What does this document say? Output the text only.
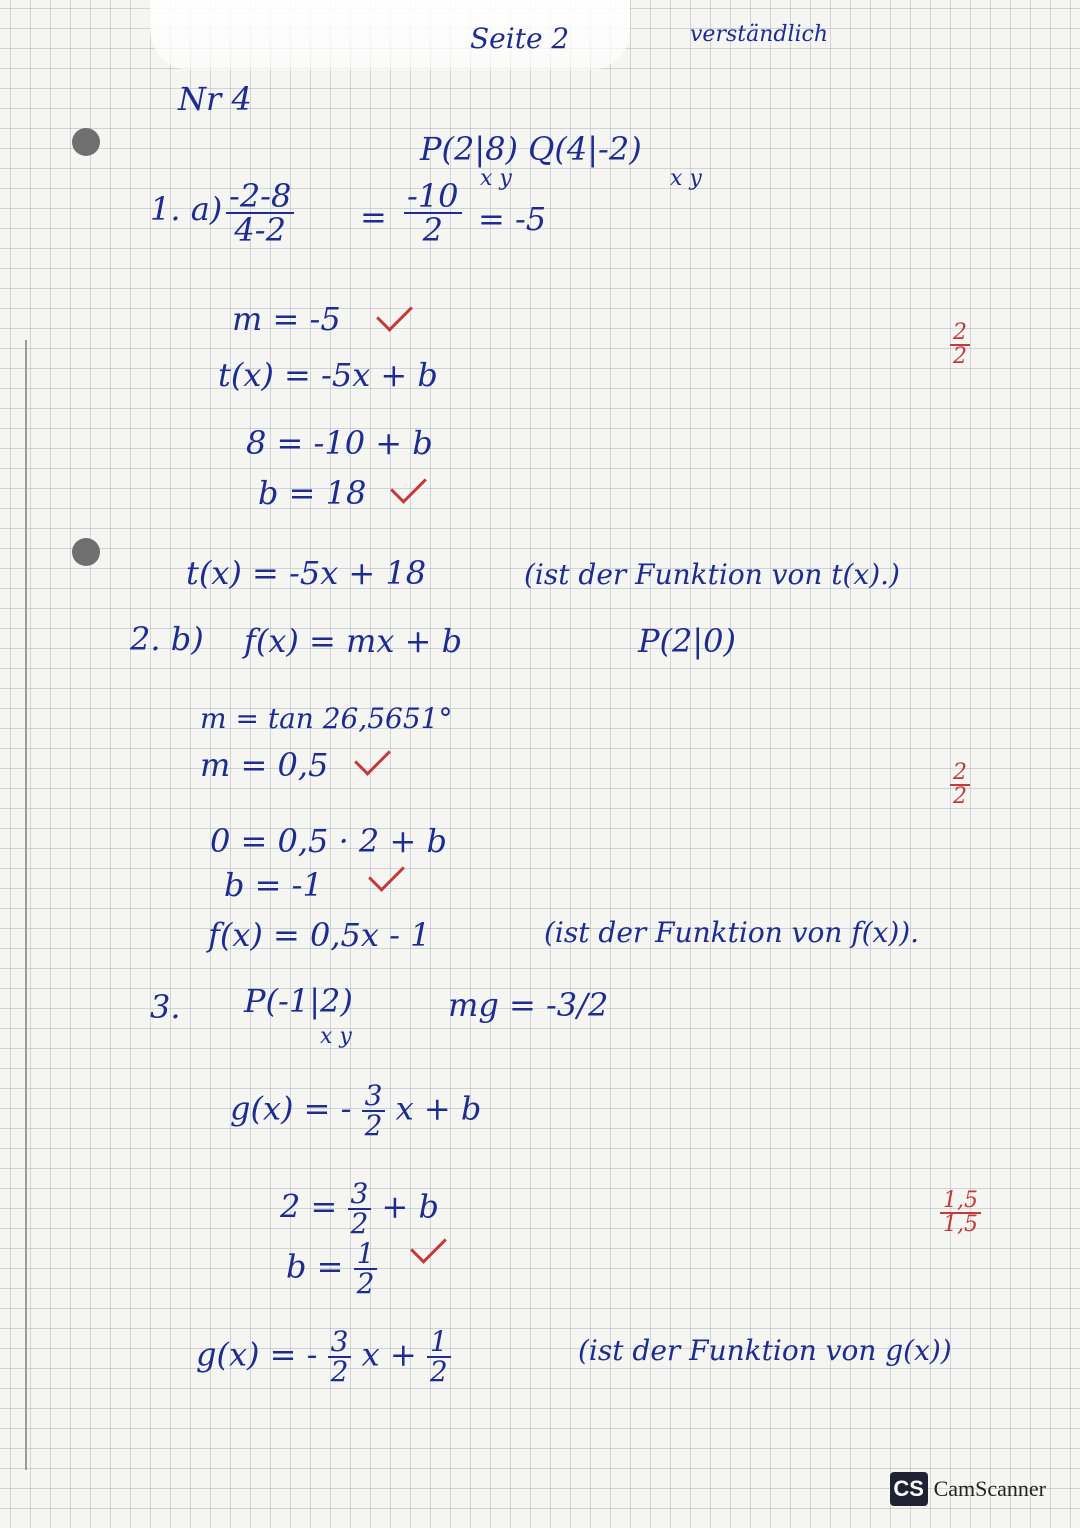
Seite 2	verständlich
Nr 4
P(2|8) Q(4|-2)
x y	x y
1. $a) \frac{-2-8}{4-2} = \frac{-10}{2} = -5$
m = -5
t(x) = -5x + b
8 = -10 + b
b = 18
t(x) = -5x + 18	(ist der Funktion von t(x).)
2. b) f(x) = mx + b	P(2|0)
m = tan 26,5651°
m = 0,5
0 = 0,5 · 2 + b
b = -1
f(x) = 0,5x - 1	(ist der Funktion von f(x)).
3. P(-1|2)
x y
mg = -3/2
g(x) = - $\frac{3}{2}$ x + b
$2 = \frac{3}{2} + b$
$b = \frac{1}{2}$
g(x) = - $\frac{3}{2}$ $x + \frac{1}{2}$	(ist der Funktion von g(x))
$\frac{2}{2}$
$\frac{2}{2}$
$\frac{1,5}{1,5}$
CS CamScanner
